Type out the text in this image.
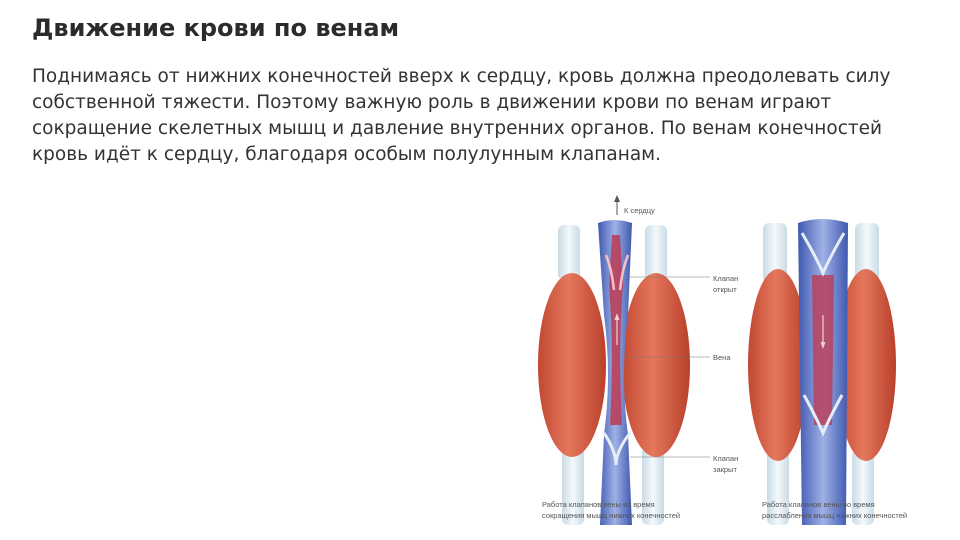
Движение крови по венам
Поднимаясь от нижних конечностей вверх к сердцу, кровь должна преодолевать силу
собственной тяжести. Поэтому важную роль в движении крови по венам играют
сокращение скелетных мышц и давление внутренних органов. По венам конечностей
кровь идёт к сердцу, благодаря особым полулунным клапанам.
К сердцу
Клапан
открыт
Вена
Клапан
закрыт
Работа клапанов вены во время
сокращения мышц нижних конечностей
Работа клапанов вены во время
расслабления мышц нижних конечностей
